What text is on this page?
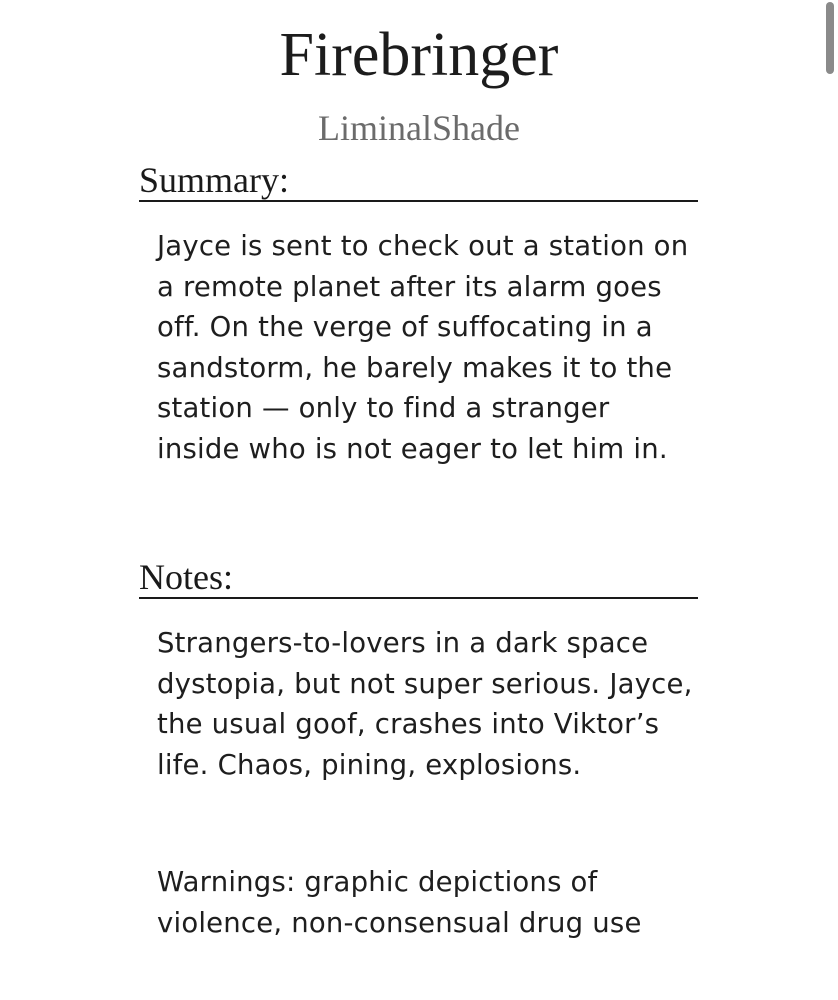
Firebringer
LiminalShade
Summary:

Jayce is sent to check out a station on a remote planet after its alarm goes off. On the verge of suffocating in a sandstorm, he barely makes it to the station — only to find a stranger inside who is not eager to let him in.

Notes:

Strangers-to-lovers in a dark space dystopia, but not super serious. Jayce, the usual goof, crashes into Viktor’s life. Chaos, pining, explosions.

Warnings: graphic depictions of violence, non-consensual drug use
